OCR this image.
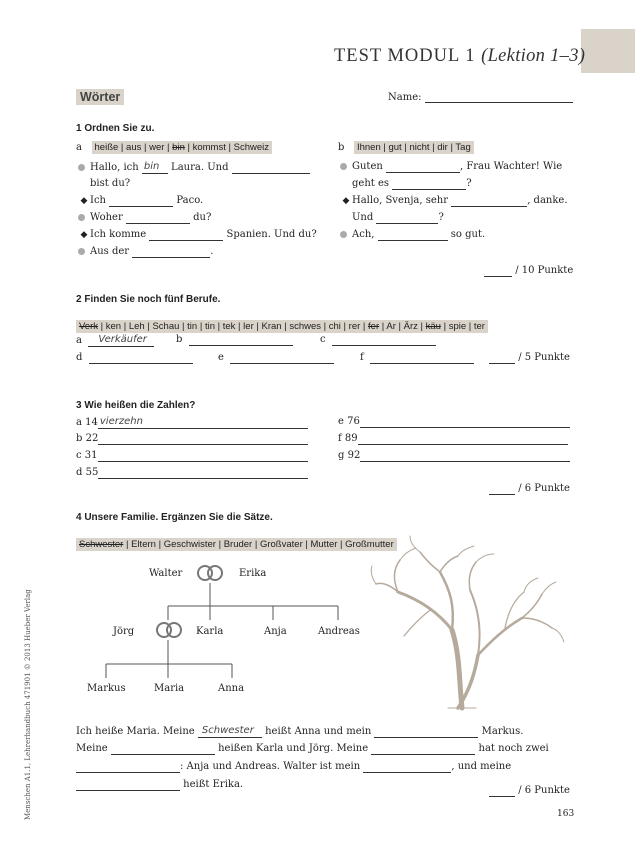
TEST MODUL 1 (Lektion 1–3)
Wörter	Name:
1 Ordnen Sie zu.
a heiße | aus | wer | bin | kommst | Schweiz	b Ihnen | gut | nicht | dir | Tag
Hallo, ich bin Laura. Und
bist du?
◆ Ich	Paco.
Woher	du?
◆ Ich komme	Spanien. Und du?
Aus der	.
Guten	, Frau Wachter! Wie
geht es	?
◆ Hallo, Svenja, sehr	, danke.
Und	?
Ach,	so gut.
/ 10 Punkte
2 Finden Sie noch fünf Berufe.
Verk | ken | Leh | Schau | tin | tin | tek | ler | Kran | schwes | chi | rer | fer | Ar | Ärz | käu | spie | ter
a Verkäufer	b	c
d	e	f	/ 5 Punkte
3 Wie heißen die Zahlen?
a 14 vierzehn
b 22
c 31
d 55
e 76
f 89
g 92
/ 6 Punkte
4 Unsere Familie. Ergänzen Sie die Sätze.
Schwester | Eltern | Geschwister | Bruder | Großvater | Mutter | Großmutter
Walter	Erika
Jörg	Karla	Anja	Andreas
Markus	Maria	Anna
Ich heiße Maria. Meine Schwester heißt Anna und mein	Markus.
Meine	heißen Karla und Jörg. Meine	hat noch zwei
: Anja und Andreas. Walter ist mein	, und meine
heißt Erika.
/ 6 Punkte
163
Menschen A1.1, Lehrerhandbuch 471901 © 2013 Hueber Verlag
